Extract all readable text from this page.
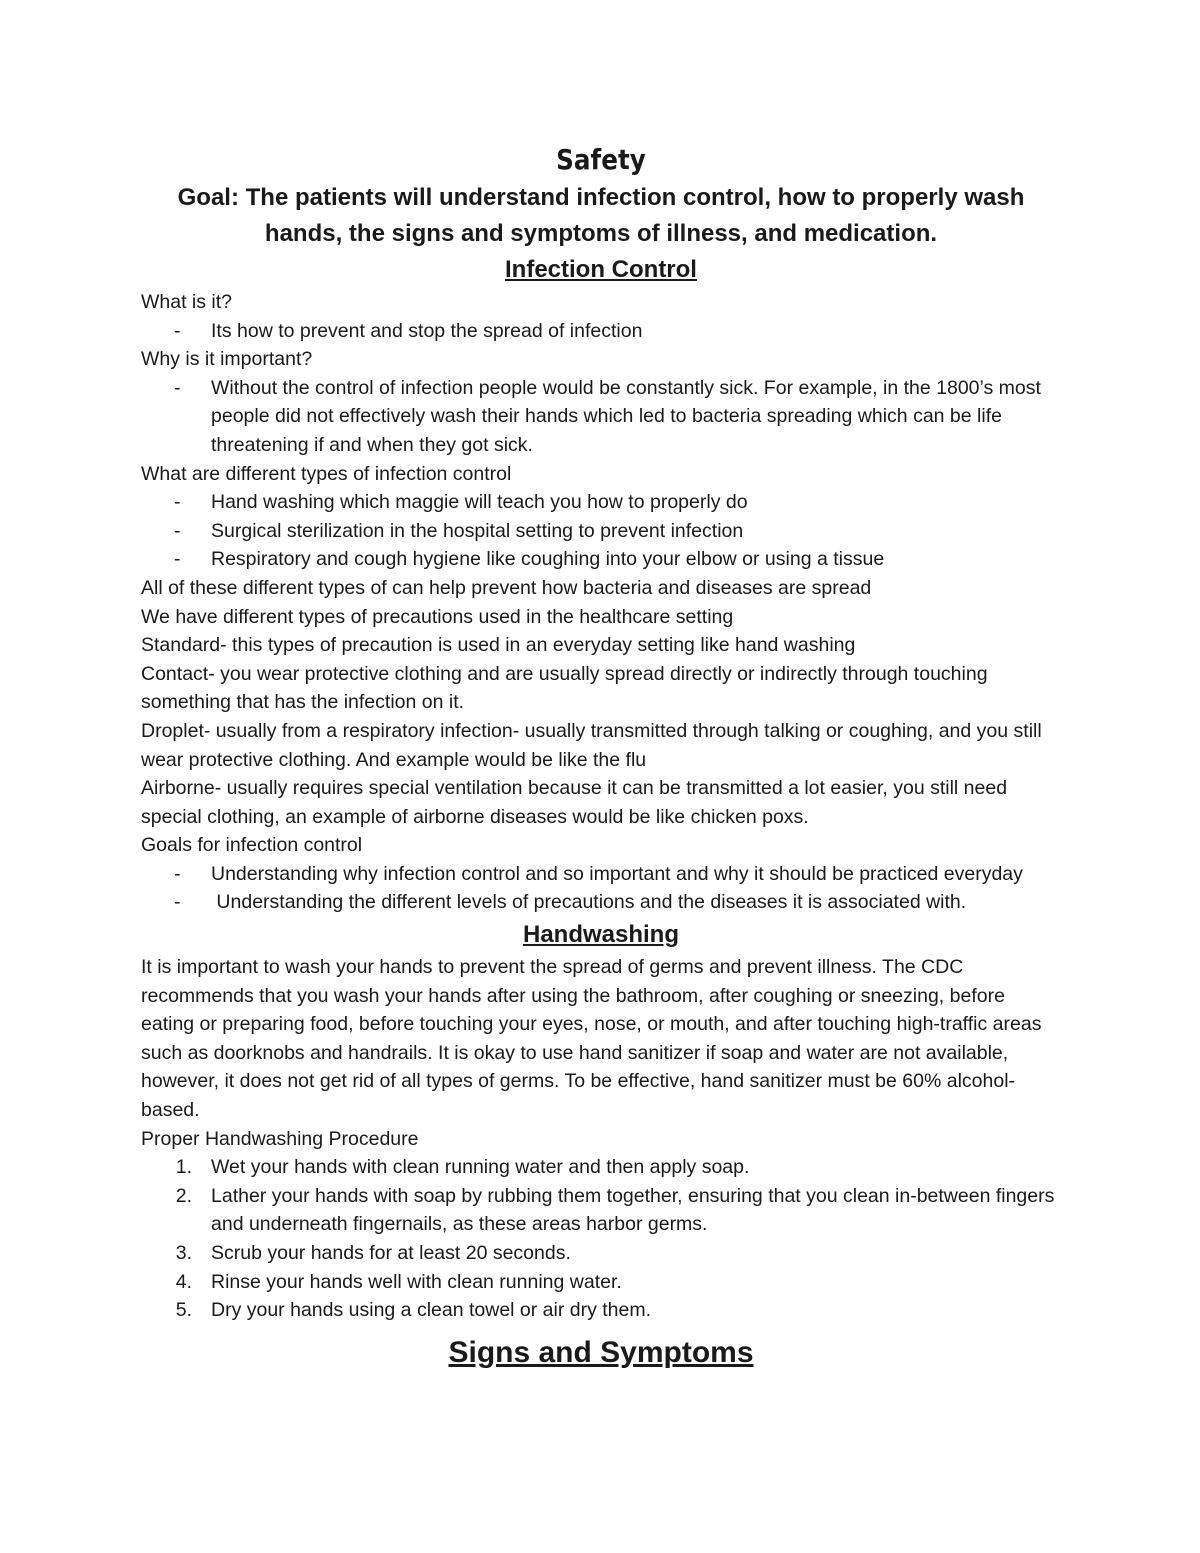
Safety

Goal: The patients will understand infection control, how to properly wash hands, the signs and symptoms of illness, and medication.

Infection Control

What is it?

-	Its how to prevent and stop the spread of infection

Why is it important?

-	Without the control of infection people would be constantly sick. For example, in the 1800’s most people did not effectively wash their hands which led to bacteria spreading which can be life threatening if and when they got sick.

What are different types of infection control

-	Hand washing which maggie will teach you how to properly do
-	Surgical sterilization in the hospital setting to prevent infection
-	Respiratory and cough hygiene like coughing into your elbow or using a tissue

All of these different types of can help prevent how bacteria and diseases are spread

We have different types of precautions used in the healthcare setting

Standard- this types of precaution is used in an everyday setting like hand washing

Contact- you wear protective clothing and are usually spread directly or indirectly through touching something that has the infection on it.

Droplet- usually from a respiratory infection- usually transmitted through talking or coughing, and you still wear protective clothing. And example would be like the flu

Airborne- usually requires special ventilation because it can be transmitted a lot easier, you still need special clothing, an example of airborne diseases would be like chicken poxs.

Goals for infection control

-	Understanding why infection control and so important and why it should be practiced everyday
-	Understanding the different levels of precautions and the diseases it is associated with.
Handwashing

It is important to wash your hands to prevent the spread of germs and prevent illness. The CDC recommends that you wash your hands after using the bathroom, after coughing or sneezing, before eating or preparing food, before touching your eyes, nose, or mouth, and after touching high-traffic areas such as doorknobs and handrails. It is okay to use hand sanitizer if soap and water are not available, however, it does not get rid of all types of germs. To be effective, hand sanitizer must be 60% alcohol-based.

Proper Handwashing Procedure

1. Wet your hands with clean running water and then apply soap.
2. Lather your hands with soap by rubbing them together, ensuring that you clean in-between fingers and underneath fingernails, as these areas harbor germs.
3. Scrub your hands for at least 20 seconds.
4. Rinse your hands well with clean running water.
5. Dry your hands using a clean towel or air dry them.
Signs and Symptoms
